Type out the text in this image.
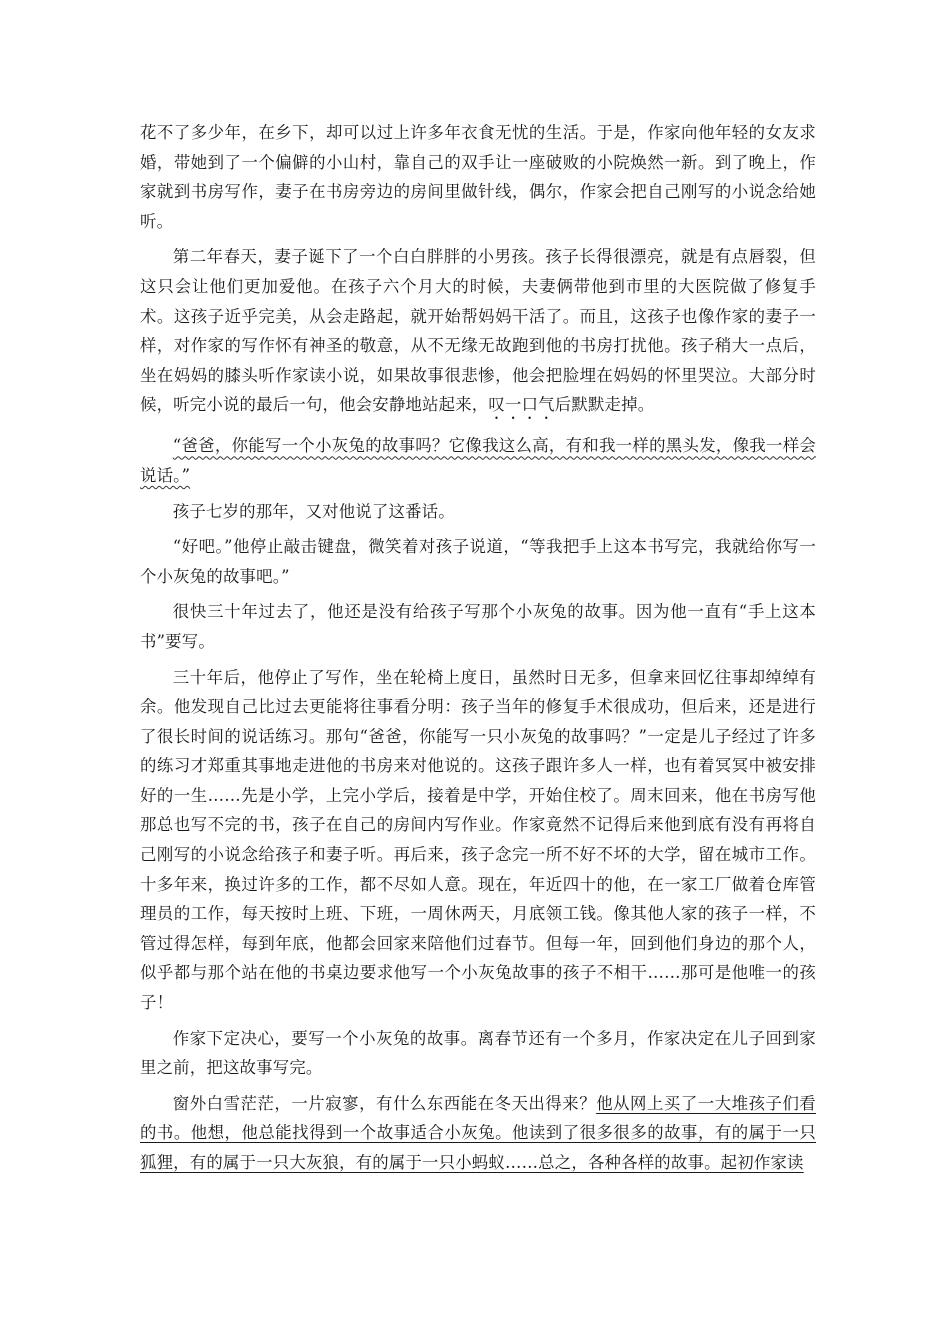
花不了多少年，在乡下，却可以过上许多年衣食无忧的生活。于是，作家向他年轻的女友求婚，带她到了一个偏僻的小山村，靠自己的双手让一座破败的小院焕然一新。到了晚上，作家就到书房写作，妻子在书房旁边的房间里做针线，偶尔，作家会把自己刚写的小说念给她听。

第二年春天，妻子诞下了一个白白胖胖的小男孩。孩子长得很漂亮，就是有点唇裂，但这只会让他们更加爱他。在孩子六个月大的时候，夫妻俩带他到市里的大医院做了修复手术。这孩子近乎完美，从会走路起，就开始帮妈妈干活了。而且，这孩子也像作家的妻子一样，对作家的写作怀有神圣的敬意，从不无缘无故跑到他的书房打扰他。孩子稍大一点后，坐在妈妈的膝头听作家读小说，如果故事很悲惨，他会把脸埋在妈妈的怀里哭泣。大部分时候，听完小说的最后一句，他会安静地站起来，叹一口气后默默走掉。

“爸爸，你能写一个小灰兔的故事吗？它像我这么高，有和我一样的黑头发，像我一样会说话。”

孩子七岁的那年，又对他说了这番话。

“好吧。”他停止敲击键盘，微笑着对孩子说道，“等我把手上这本书写完，我就给你写一个小灰兔的故事吧。”

很快三十年过去了，他还是没有给孩子写那个小灰兔的故事。因为他一直有“手上这本书”要写。

三十年后，他停止了写作，坐在轮椅上度日，虽然时日无多，但拿来回忆往事却绰绰有余。他发现自己比过去更能将往事看分明：孩子当年的修复手术很成功，但后来，还是进行了很长时间的说话练习。那句“爸爸，你能写一只小灰兔的故事吗？”一定是儿子经过了许多的练习才郑重其事地走进他的书房来对他说的。这孩子跟许多人一样，也有着冥冥中被安排好的一生……先是小学，上完小学后，接着是中学，开始住校了。周末回来，他在书房写他那总也写不完的书，孩子在自己的房间内写作业。作家竟然不记得后来他到底有没有再将自己刚写的小说念给孩子和妻子听。再后来，孩子念完一所不好不坏的大学，留在城市工作。十多年来，换过许多的工作，都不尽如人意。现在，年近四十的他，在一家工厂做着仓库管理员的工作，每天按时上班、下班，一周休两天，月底领工钱。像其他人家的孩子一样，不管过得怎样，每到年底，他都会回家来陪他们过春节。但每一年，回到他们身边的那个人，似乎都与那个站在他的书桌边要求他写一个小灰兔故事的孩子不相干……那可是他唯一的孩子！

作家下定决心，要写一个小灰兔的故事。离春节还有一个多月，作家决定在儿子回到家里之前，把这故事写完。

窗外白雪茫茫，一片寂寥，有什么东西能在冬天出得来？他从网上买了一大堆孩子们看的书。他想，他总能找得到一个故事适合小灰兔。他读到了很多很多的故事，有的属于一只狐狸，有的属于一只大灰狼，有的属于一只小蚂蚁……总之，各种各样的故事。起初作家读
